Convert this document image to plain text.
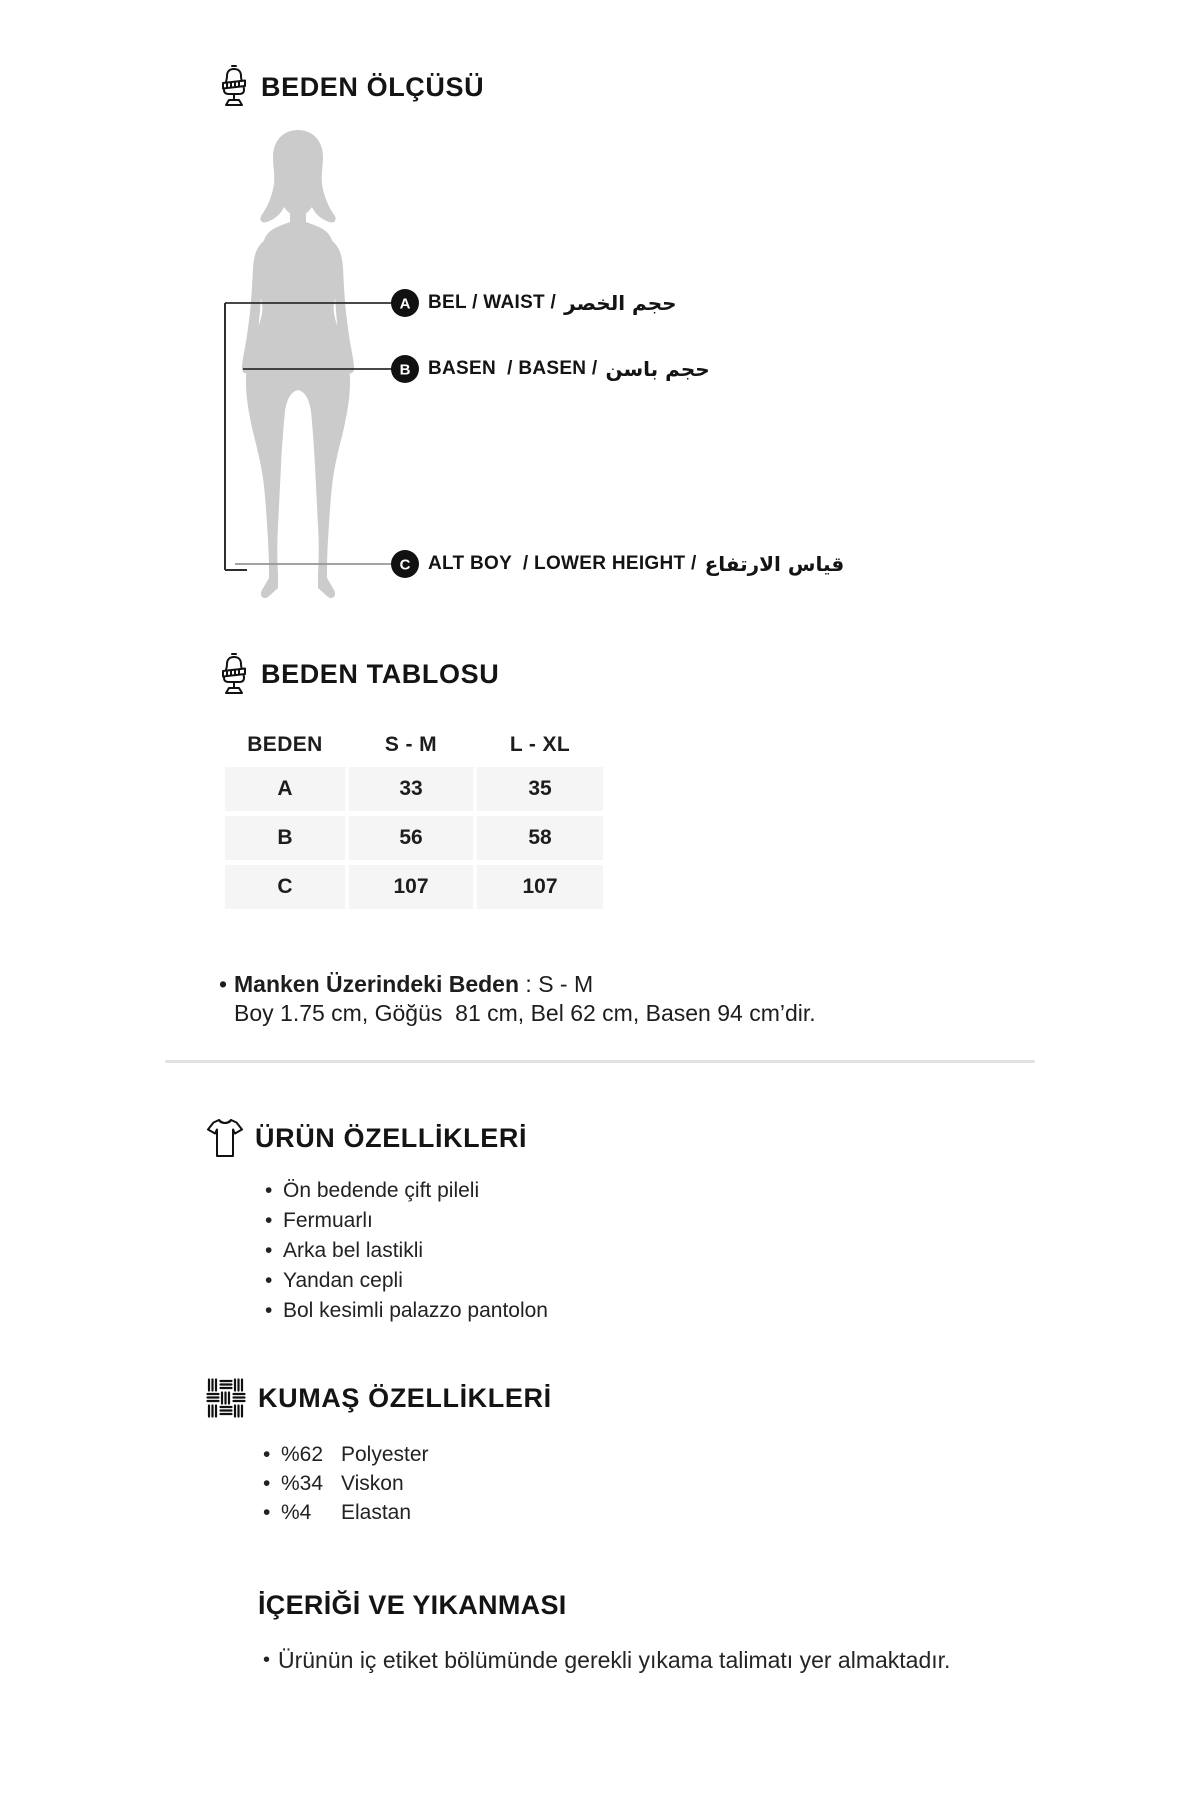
BEDEN ÖLÇÜSÜ
A
B
C
BEL / WAIST / حجم الخصر
BASEN  / BASEN / حجم باسن
ALT BOY  / LOWER HEIGHT / قياس الارتفاع
BEDEN TABLOSU
BEDEN	S - M	L - XL
A	33	35
B	56	58
C	107	107
•
Manken Üzerindeki Beden : S - M
Boy 1.75 cm, Göğüs  81 cm, Bel 62 cm, Basen 94 cm’dir.
ÜRÜN ÖZELLİKLERİ
•
Ön bedende çift pileli
•
Fermuarlı
•
Arka bel lastikli
•
Yandan cepli
•
Bol kesimli palazzo pantolon
KUMAŞ ÖZELLİKLERİ
•
%62 Polyester
•
%34 Viskon
•
%4	Elastan
İÇERİĞİ VE YIKANMASI
•
Ürünün iç etiket bölümünde gerekli yıkama talimatı yer almaktadır.
